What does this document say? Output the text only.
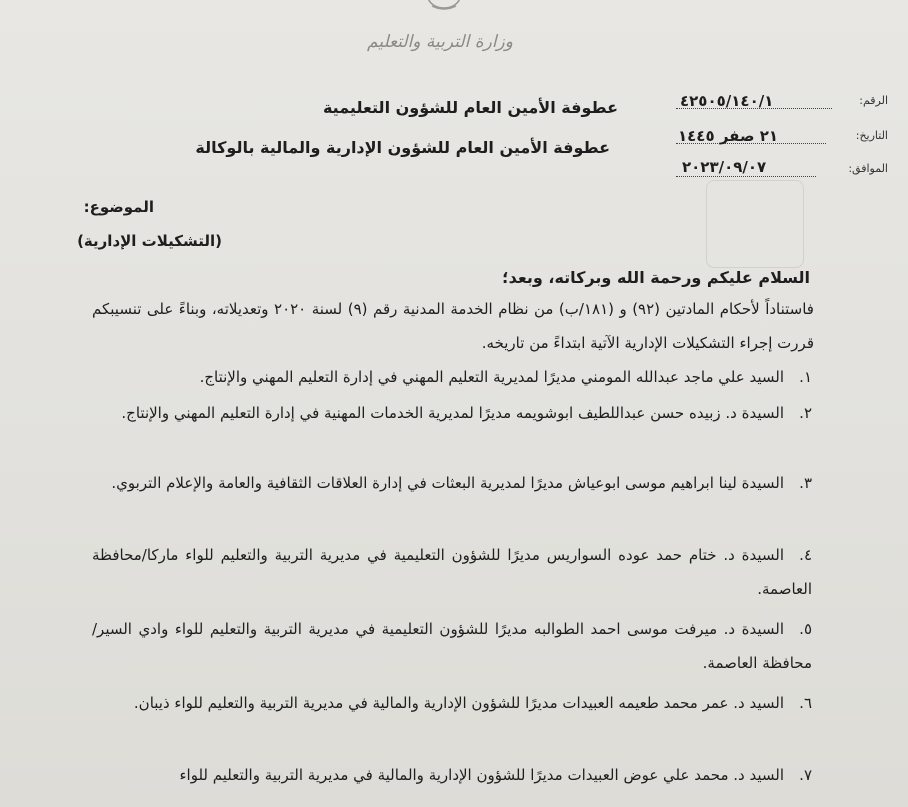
وزارة التربية والتعليم
عطوفة الأمين العام للشؤون التعليمية
عطوفة الأمين العام للشؤون الإدارية والمالية بالوكالة
الرقم:
٤٢٥٠٥/١٤٠/١
التاريخ:
٢١ صفر ١٤٤٥
الموافق:
٢٠٢٣/٠٩/٠٧
الموضوع:
(التشكيلات الإدارية)
السلام عليكم ورحمة الله وبركاته، وبعد؛
فاستناداً لأحكام المادتين (٩٢) و (١٨١/ب) من نظام الخدمة المدنية رقم (٩) لسنة ٢٠٢٠ وتعديلاته، وبناءً على تنسيبكم قررت إجراء التشكيلات الإدارية الآتية ابتداءً من تاريخه.
١.السيد علي ماجد عبدالله المومني مديرًا لمديرية التعليم المهني في إدارة التعليم المهني والإنتاج.
٢.السيدة د. زبيده حسن عبداللطيف ابوشويمه مديرًا لمديرية الخدمات المهنية في إدارة التعليم المهني والإنتاج.
٣.السيدة لينا ابراهيم موسى ابوعياش مديرًا لمديرية البعثات في إدارة العلاقات الثقافية والعامة والإعلام التربوي.
٤.السيدة د. ختام حمد عوده السواريس مديرًا للشؤون التعليمية في مديرية التربية والتعليم للواء ماركا/محافظة العاصمة.
٥.السيدة د. ميرفت موسى احمد الطوالبه مديرًا للشؤون التعليمية في مديرية التربية والتعليم للواء وادي السير/محافظة العاصمة.
٦.السيد د. عمر محمد طعيمه العبيدات مديرًا للشؤون الإدارية والمالية في مديرية التربية والتعليم للواء ذيبان.
٧.السيد د. محمد علي عوض العبيدات مديرًا للشؤون الإدارية والمالية في مديرية التربية والتعليم للواء
